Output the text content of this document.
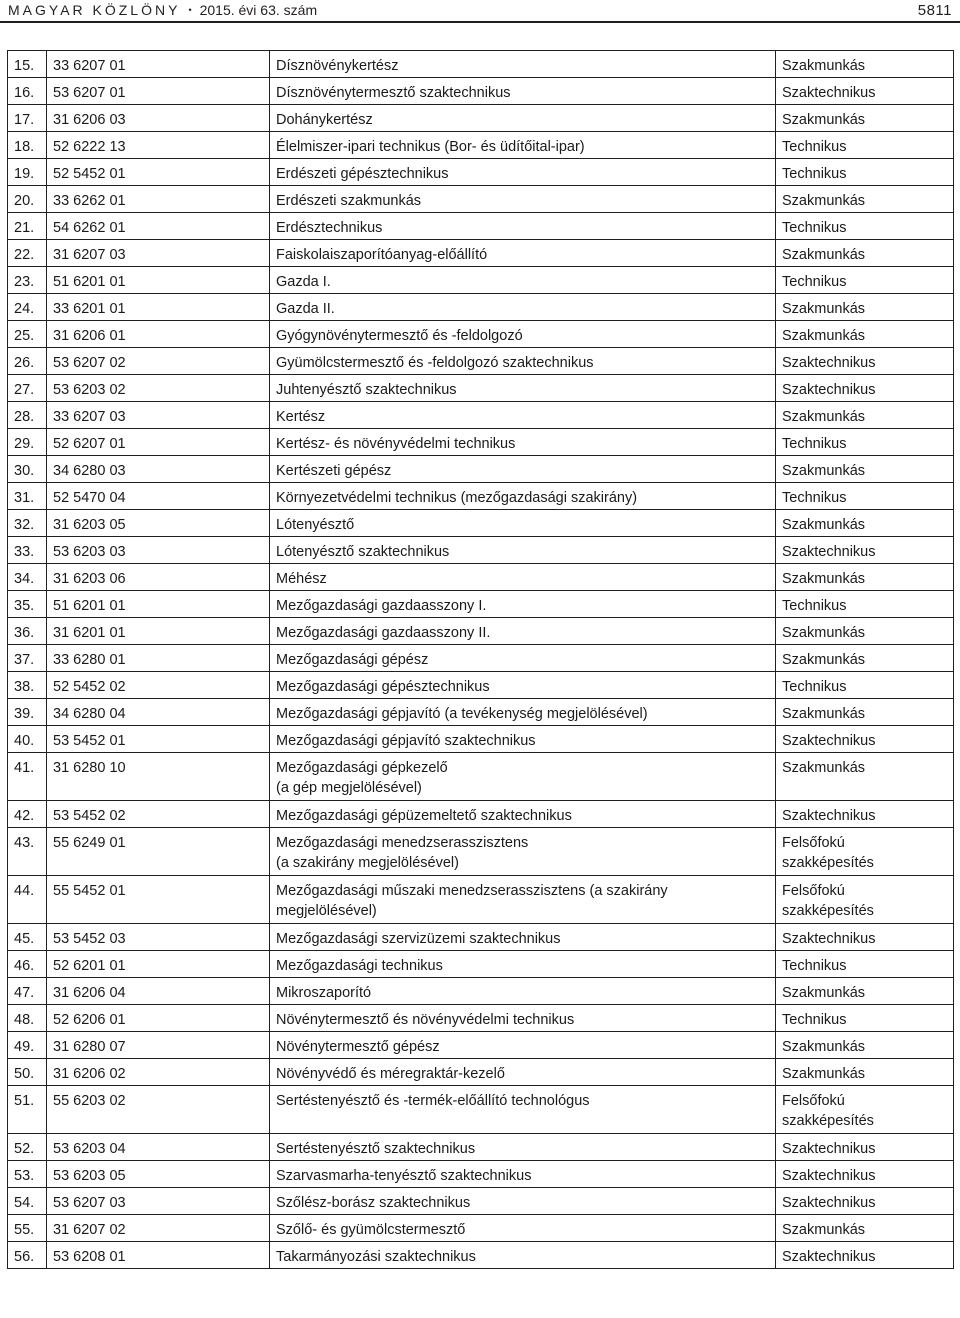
MAGYAR KÖZLÖNY • 2015. évi 63. szám	5811
15.	33 6207 01	Dísznövénykertész	Szakmunkás
16.	53 6207 01	Dísznövénytermesztő szaktechnikus	Szaktechnikus
17.	31 6206 03	Dohánykertész	Szakmunkás
18.	52 6222 13	Élelmiszer-ipari technikus (Bor- és üdítőital-ipar)	Technikus
19.	52 5452 01	Erdészeti gépésztechnikus	Technikus
20.	33 6262 01	Erdészeti szakmunkás	Szakmunkás
21.	54 6262 01	Erdésztechnikus	Technikus
22.	31 6207 03	Faiskolaiszaporítóanyag-előállító	Szakmunkás
23.	51 6201 01	Gazda I.	Technikus
24.	33 6201 01	Gazda II.	Szakmunkás
25.	31 6206 01	Gyógynövénytermesztő és -feldolgozó	Szakmunkás
26.	53 6207 02	Gyümölcstermesztő és -feldolgozó szaktechnikus	Szaktechnikus
27.	53 6203 02	Juhtenyésztő szaktechnikus	Szaktechnikus
28.	33 6207 03	Kertész	Szakmunkás
29.	52 6207 01	Kertész- és növényvédelmi technikus	Technikus
30.	34 6280 03	Kertészeti gépész	Szakmunkás
31.	52 5470 04	Környezetvédelmi technikus (mezőgazdasági szakirány)	Technikus
32.	31 6203 05	Lótenyésztő	Szakmunkás
33.	53 6203 03	Lótenyésztő szaktechnikus	Szaktechnikus
34.	31 6203 06	Méhész	Szakmunkás
35.	51 6201 01	Mezőgazdasági gazdaasszony I.	Technikus
36.	31 6201 01	Mezőgazdasági gazdaasszony II.	Szakmunkás
37.	33 6280 01	Mezőgazdasági gépész	Szakmunkás
38.	52 5452 02	Mezőgazdasági gépésztechnikus	Technikus
39.	34 6280 04	Mezőgazdasági gépjavító (a tevékenység megjelölésével)	Szakmunkás
40.	53 5452 01	Mezőgazdasági gépjavító szaktechnikus	Szaktechnikus
41.	31 6280 10	Mezőgazdasági gépkezelő
(a gép megjelölésével)	Szakmunkás
42.	53 5452 02	Mezőgazdasági gépüzemeltető szaktechnikus	Szaktechnikus
43.	55 6249 01	Mezőgazdasági menedzserasszisztens
(a szakirány megjelölésével)	Felsőfokú
szakképesítés
44.	55 5452 01	Mezőgazdasági műszaki menedzserasszisztens (a szakirány
megjelölésével)	Felsőfokú
szakképesítés
45.	53 5452 03	Mezőgazdasági szervizüzemi szaktechnikus	Szaktechnikus
46.	52 6201 01	Mezőgazdasági technikus	Technikus
47.	31 6206 04	Mikroszaporító	Szakmunkás
48.	52 6206 01	Növénytermesztő és növényvédelmi technikus	Technikus
49.	31 6280 07	Növénytermesztő gépész	Szakmunkás
50.	31 6206 02	Növényvédő és méregraktár-kezelő	Szakmunkás
51.	55 6203 02	Sertéstenyésztő és -termék-előállító technológus	Felsőfokú
szakképesítés
52.	53 6203 04	Sertéstenyésztő szaktechnikus	Szaktechnikus
53.	53 6203 05	Szarvasmarha-tenyésztő szaktechnikus	Szaktechnikus
54.	53 6207 03	Szőlész-borász szaktechnikus	Szaktechnikus
55.	31 6207 02	Szőlő- és gyümölcstermesztő	Szakmunkás
56.	53 6208 01	Takarmányozási szaktechnikus	Szaktechnikus
